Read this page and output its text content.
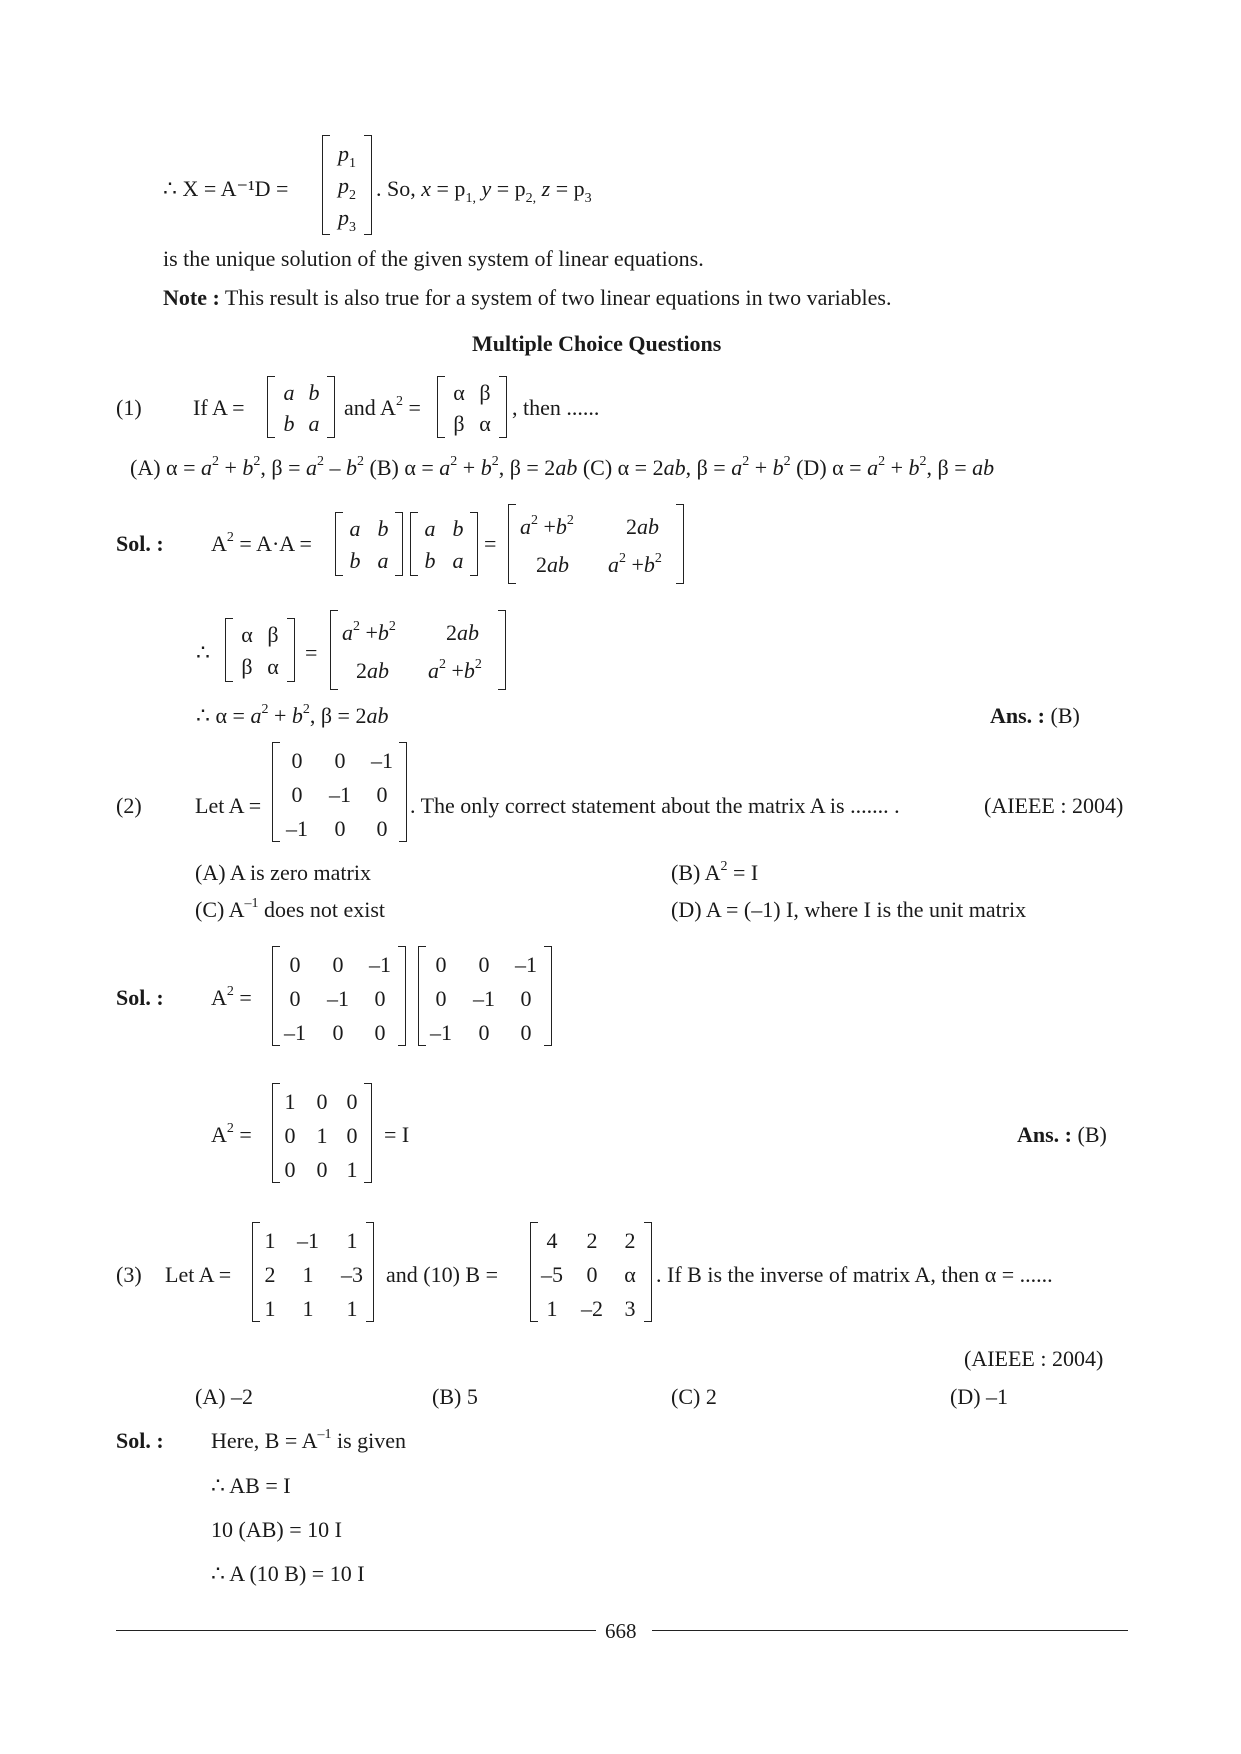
∴ X = A⁻¹D =
$p_1$
$p_2$
$p_3$
. So, $x = p_{1,}$ $y = p_{2,}$ $z = p_3$
is the unique solution of the given system of linear equations.
Note : This result is also true for a system of two linear equations in two variables.
Multiple Choice Questions
(1) If A =
a b
b a
and $A^2$ =
α β
β α
, then ......
(A) $\alpha = a^2 + b^2$, $\beta = a^2 - b^2$ (B) $\alpha = a^2 + b^2$, β = 2ab (C) α = 2ab, $\beta = a^2 + b^2$ (D) $\alpha = a^2 + b^2$, β = ab
Sol. : $A^2 = A\cdot A$ =
a b
b a
a b
b a
=
$a^2 +b^2$ 2ab
2ab $a^2 +b^2$
∴
α β
β α
=
$a^2 +b^2$ 2ab
2ab $a^2 +b^2$
∴ $\alpha = a^2 + b^2$, β = 2ab	Ans. : (B)
(2) Let A =
0	0	–1
0	–1	0
–1	0	0
. The only correct statement about the matrix A is ....... .	(AIEEE : 2004)
(A) A is zero matrix	(B) $A^2 = I$
(C) $A^{-1}$ does not exist	(D) A = (–1) I, where I is the unit matrix
Sol. : $A^2$ =
0	0	–1
0	–1	0
–1	0	0
0	0	–1
0	–1	0
–1	0	0
$A^2$ =
1 0 0
0 1 0
0 0 1
= I	Ans. : (B)
(3) Let A =
1 –1	1
2	1	–3
1	1	1
and (10) B =
4	2	2
–5	0	α
1	–2 3
. If B is the inverse of matrix A, then α = ......
(AIEEE : 2004)
(A) –2	(B) 5	(C) 2	(D) –1
Sol. : Here, $B = A^{-1}$ is given
∴ AB = I
10 (AB) = 10 I
∴ A (10 B) = 10 I
668
